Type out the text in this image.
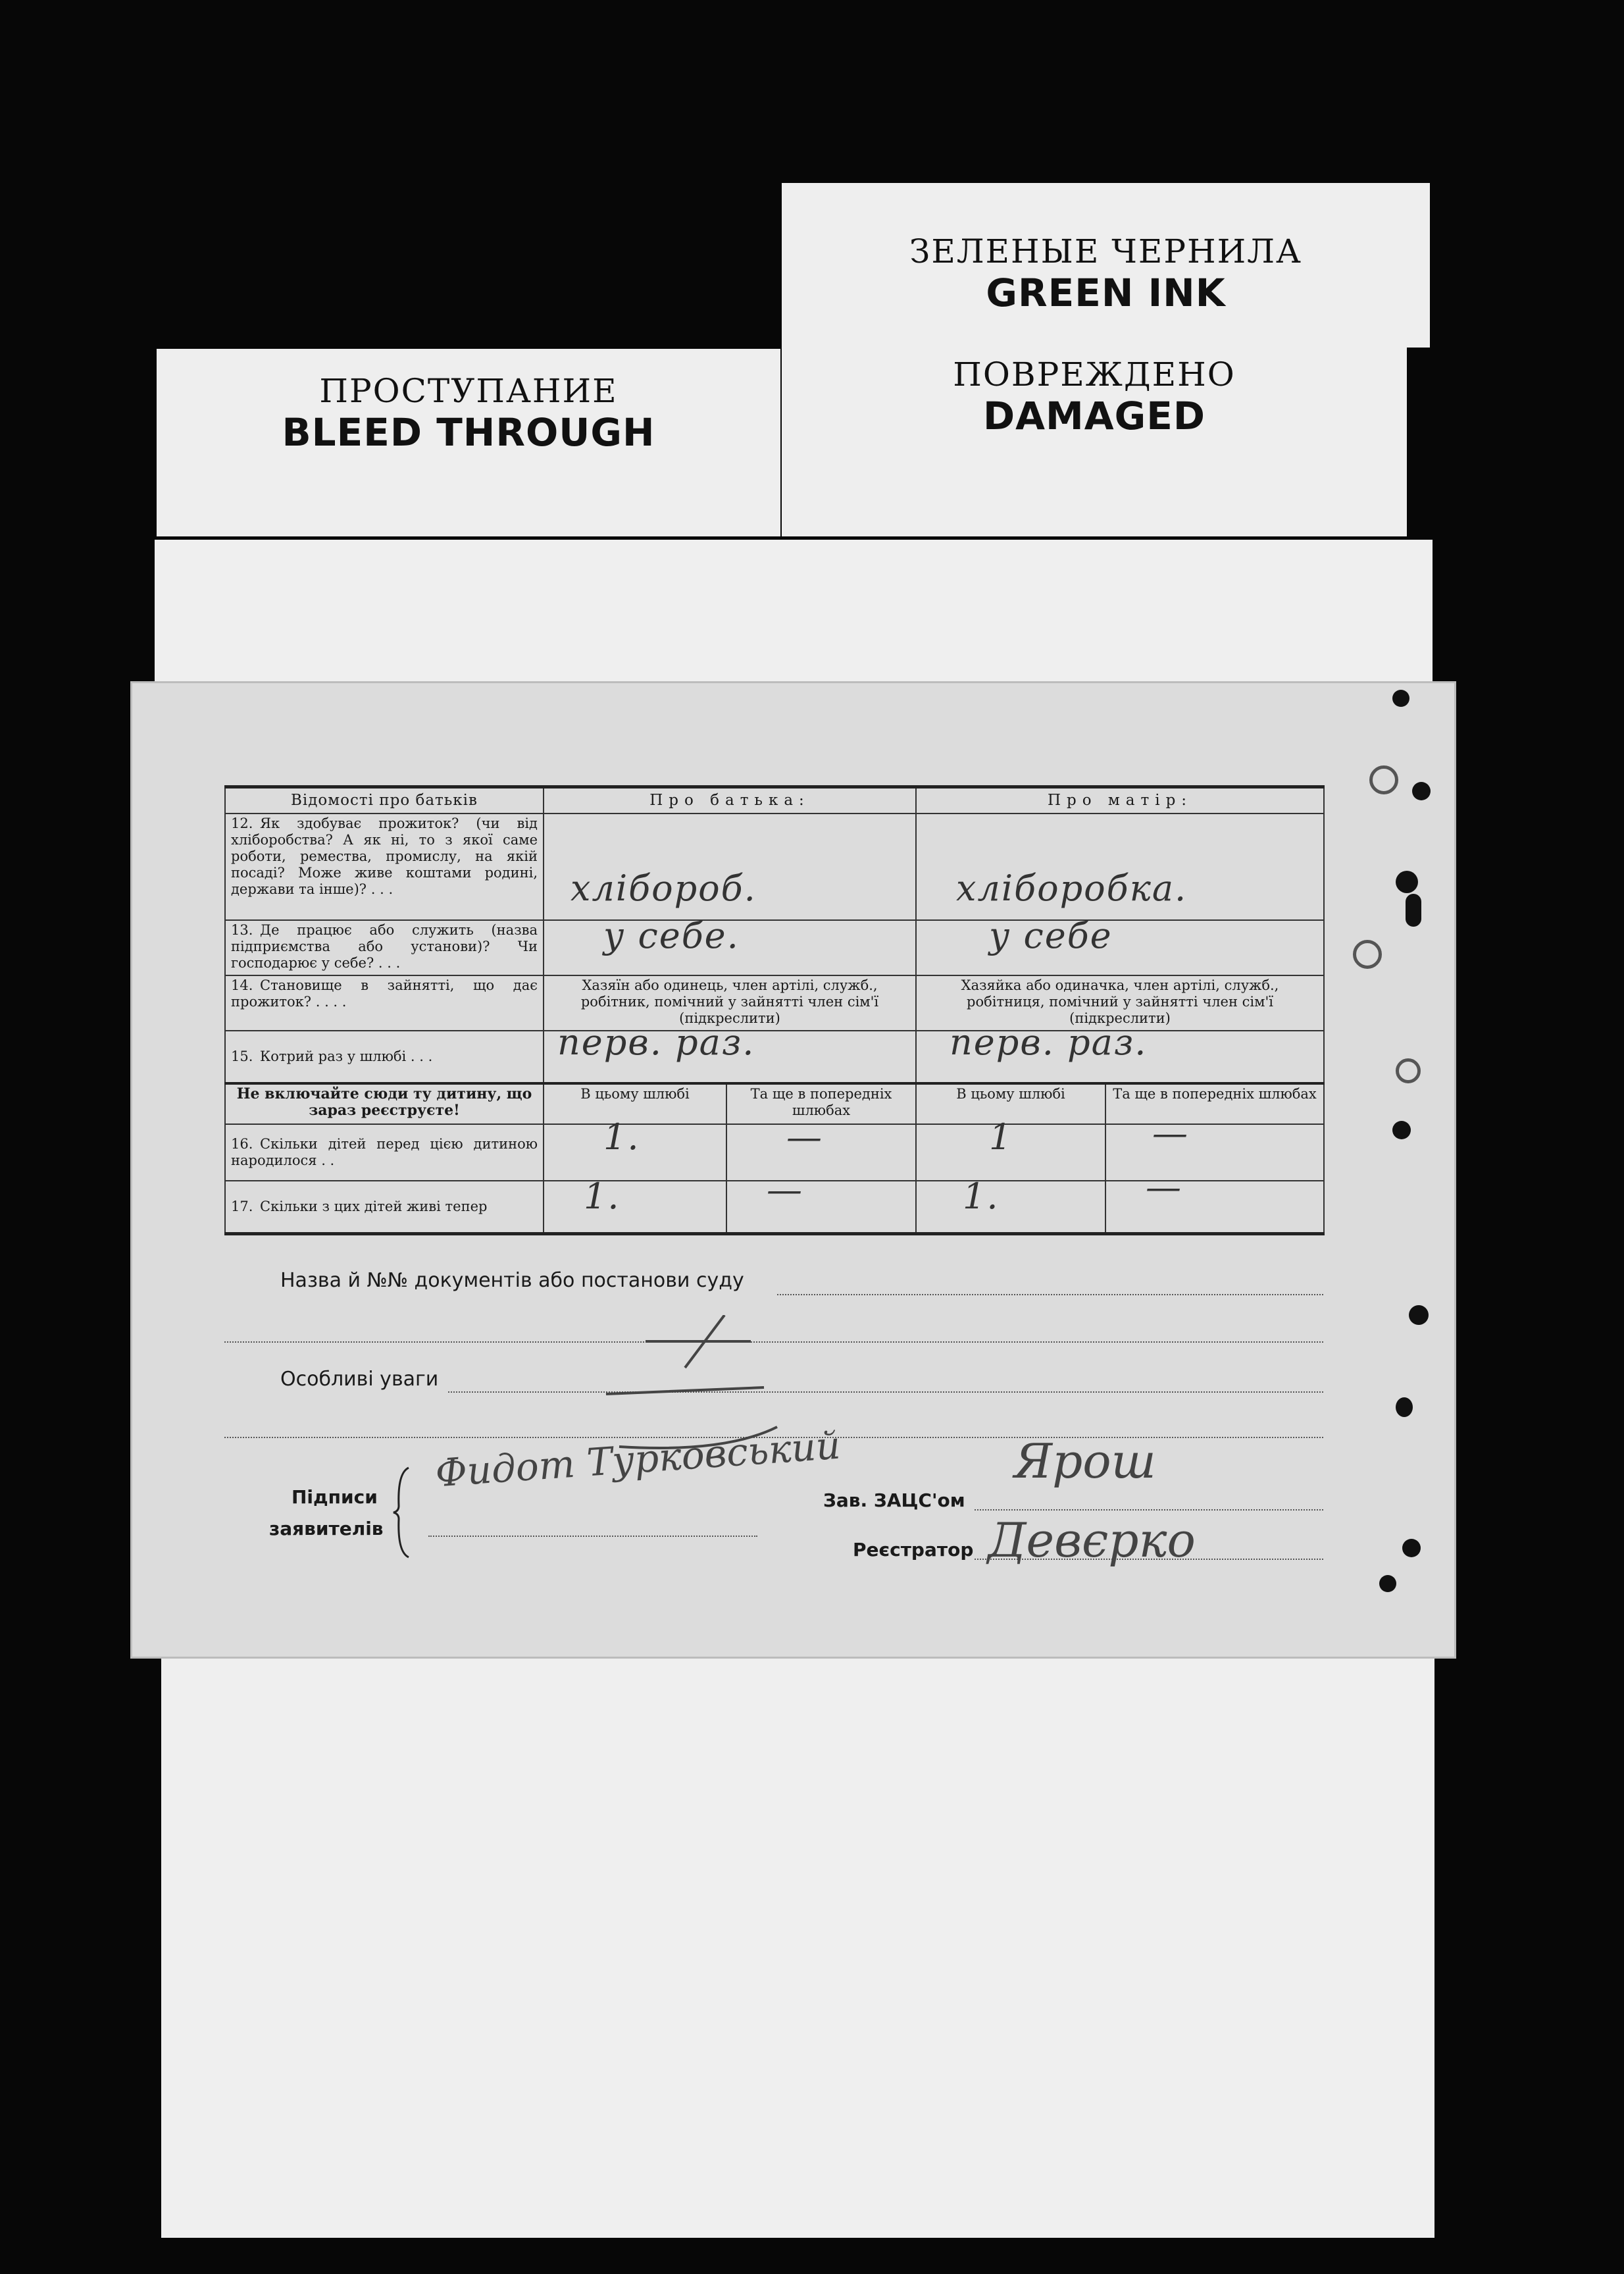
ЗЕЛЕНЫЕ ЧЕРНИЛА
GREEN INK
ПОВРЕЖДЕНО
DAMAGED
ПРОСТУПАНИЕ
BLEED THROUGH
Відомості про батьків	Про батька:		Про матір:	
12. Як здобуває прожиток? (чи від хліборобства? А як ні, то з якої саме роботи, ремества, промислу, на якій посаді? Може живе коштами родині, держави та інше)? . . .	хлібороб.		хліборобка.	

13. Де працює або служить (назва підприємства або установи)? Чи господарює у себе? . . .	у себе.		у себе	

14. Становище в зайнятті, що дає прожиток? . . . .	Хазяїн або одинець, член артілі, служб., робітник, помічний у зайнятті член сім'ї (підкреслити)		Хазяйка або одиначка, член артілі, служб., робітниця, помічний у зайнятті член сім'ї (підкреслити)	
15. Котрий раз у шлюбі . . .	перв. раз.		перв. раз.	

Не включайте сюди ту дитину, що зараз реєструєте!	В цьому шлюбі	Та ще в попередніх шлюбах	В цьому шлюбі	Та ще в попередніх шлюбах
16. Скільки дітей перед цією дитиною народилося . .	1.	—	1	—

17. Скільки з цих дітей живі тепер	1.	—	1.	—
Назва й №№ документів або постанови суду
Особливі уваги
Підписи
заявителів
Фидот Турковський
Зав. ЗАЦС'ом
Ярош
Реєстратор Девєрко
